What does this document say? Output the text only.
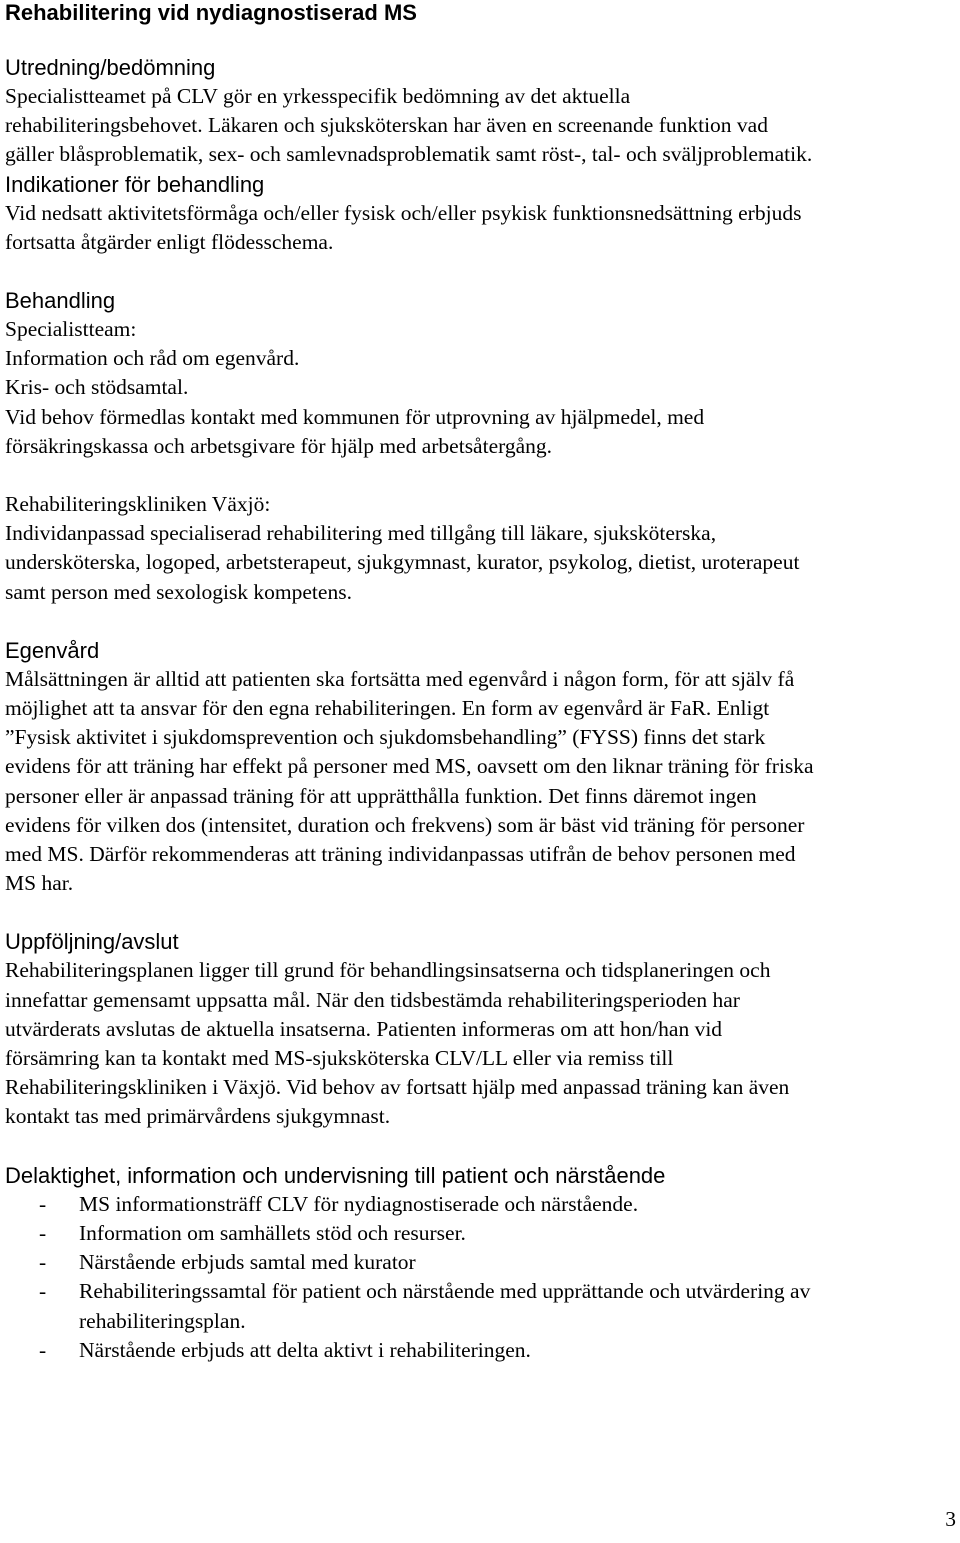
Rehabilitering vid nydiagnostiserad MS
Utredning/bedömning
Specialistteamet på CLV gör en yrkesspecifik bedömning av det aktuella
rehabiliteringsbehovet. Läkaren och sjuksköterskan har även en screenande funktion vad
gäller blåsproblematik, sex- och samlevnadsproblematik samt röst-, tal- och sväljproblematik.
Indikationer för behandling
Vid nedsatt aktivitetsförmåga och/eller fysisk och/eller psykisk funktionsnedsättning erbjuds
fortsatta åtgärder enligt flödesschema.
Behandling
Specialistteam:
Information och råd om egenvård.
Kris- och stödsamtal.
Vid behov förmedlas kontakt med kommunen för utprovning av hjälpmedel, med
försäkringskassa och arbetsgivare för hjälp med arbetsåtergång.
Rehabiliteringskliniken Växjö:
Individanpassad specialiserad rehabilitering med tillgång till läkare, sjuksköterska,
undersköterska, logoped, arbetsterapeut, sjukgymnast, kurator, psykolog, dietist, uroterapeut
samt person med sexologisk kompetens.
Egenvård
Målsättningen är alltid att patienten ska fortsätta med egenvård i någon form, för att själv få
möjlighet att ta ansvar för den egna rehabiliteringen. En form av egenvård är FaR. Enligt
”Fysisk aktivitet i sjukdomsprevention och sjukdomsbehandling” (FYSS) finns det stark
evidens för att träning har effekt på personer med MS, oavsett om den liknar träning för friska
personer eller är anpassad träning för att upprätthålla funktion. Det finns däremot ingen
evidens för vilken dos (intensitet, duration och frekvens) som är bäst vid träning för personer
med MS. Därför rekommenderas att träning individanpassas utifrån de behov personen med
MS har.
Uppföljning/avslut
Rehabiliteringsplanen ligger till grund för behandlingsinsatserna och tidsplaneringen och
innefattar gemensamt uppsatta mål. När den tidsbestämda rehabiliteringsperioden har
utvärderats avslutas de aktuella insatserna. Patienten informeras om att hon/han vid
försämring kan ta kontakt med MS-sjuksköterska CLV/LL eller via remiss till
Rehabiliteringskliniken i Växjö. Vid behov av fortsatt hjälp med anpassad träning kan även
kontakt tas med primärvårdens sjukgymnast.
Delaktighet, information och undervisning till patient och närstående
- MS informationsträff CLV för nydiagnostiserade och närstående.
- Information om samhällets stöd och resurser.
- Närstående erbjuds samtal med kurator
- Rehabiliteringssamtal för patient och närstående med upprättande och utvärdering av
rehabiliteringsplan.
- Närstående erbjuds att delta aktivt i rehabiliteringen.
3
